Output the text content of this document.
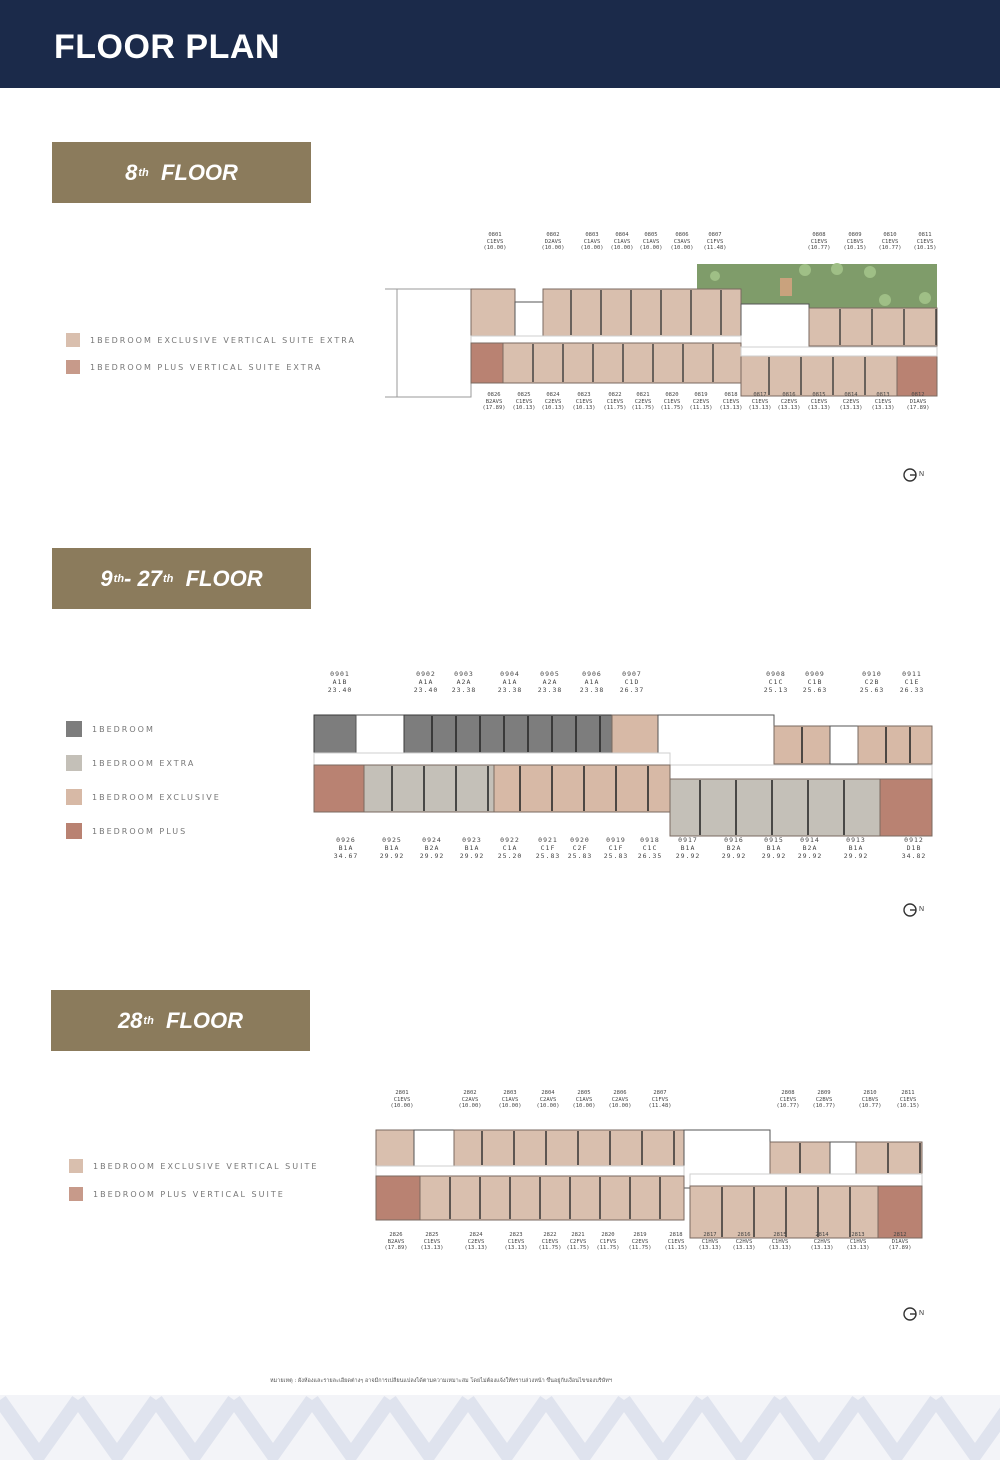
FLOOR PLAN
8 th
FLOOR
1BEDROOM EXCLUSIVE VERTICAL SUITE EXTRA
1BEDROOM PLUS VERTICAL SUITE EXTRA
0801
C1EVS
(10.00)
0802
D2AVS
(10.00)
0803
C1AVS
(10.00)
0804
C1AVS
(10.00)
0805
C1AVS
(10.00)
0806
C3AVS
(10.00)
0807
C1FVS
(11.48)
0808
C1EVS
(10.77)
0809
C1BVS
(10.15)
0810
C1EVS
(10.77)
0811
C1EVS
(10.15)
0826
B2AVS
(17.89)
0825
C1EVS
(10.13)
0824
C2EVS
(10.13)
0823
C1EVS
(10.13)
0822
C1EVS
(11.75)
0821
C2EVS
(11.75)
0820
C1EVS
(11.75)
0819
C2EVS
(11.15)
0818
C1EVS
(13.13)
0817
C1EVS
(13.13)
0816
C2EVS
(13.13)
0815
C1EVS
(13.13)
0814
C2EVS
(13.13)
0813
C1EVS
(13.13)
0812
D1AVS
(17.89)
N
9 th - 27 th
FLOOR
1BEDROOM
1BEDROOM EXTRA
1BEDROOM EXCLUSIVE
1BEDROOM PLUS
0901
A1B
23.40
0902
A1A
23.40
0903
A2A
23.38
0904
A1A
23.38
0905
A2A
23.38
0906
A1A
23.38
0907
C1D
26.37
0908
C1C
25.13
0909
C1B
25.63
0910
C2B
25.63
0911
C1E
26.33
0926
B1A
34.67
0925
B1A
29.92
0924
B2A
29.92
0923
B1A
29.92
0922
C1A
25.20
0921
C1F
25.83
0920
C2F
25.83
0919
C1F
25.83
0918
C1C
26.35
0917
B1A
29.92
0916
B2A
29.92
0915
B1A
29.92
0914
B2A
29.92
0913
B1A
29.92
0912
D1B
34.82
N
28 th
FLOOR
1BEDROOM EXCLUSIVE VERTICAL SUITE
1BEDROOM PLUS VERTICAL SUITE
2801
C1EVS
(10.00)
2802
C2AVS
(10.00)
2803
C1AVS
(10.00)
2804
C2AVS
(10.00)
2805
C1AVS
(10.00)
2806
C2AVS
(10.00)
2807
C1FVS
(11.48)
2808
C1EVS
(10.77)
2809
C2BVS
(10.77)
2810
C1BVS
(10.77)
2811
C1EVS
(10.15)
2826
B2AVS
(17.89)
2825
C1EVS
(13.13)
2824
C2EVS
(13.13)
2823
C1EVS
(13.13)
2822
C1EVS
(11.75)
2821
C2FVS
(11.75)
2820
C1FVS
(11.75)
2819
C2EVS
(11.75)
2818
C1EVS
(11.15)
2817
C1HVS
(13.13)
2816
C2HVS
(13.13)
2815
C1HVS
(13.13)
2814
C2HVS
(13.13)
2813
C1HVS
(13.13)
2812
D1AVS
(17.89)
N
หมายเหตุ : ผังห้องและรายละเอียดต่างๆ อาจมีการเปลี่ยนแปลงได้ตามความเหมาะสม โดยไม่ต้องแจ้งให้ทราบล่วงหน้า ขึ้นอยู่กับเงื่อนไขของบริษัทฯ
